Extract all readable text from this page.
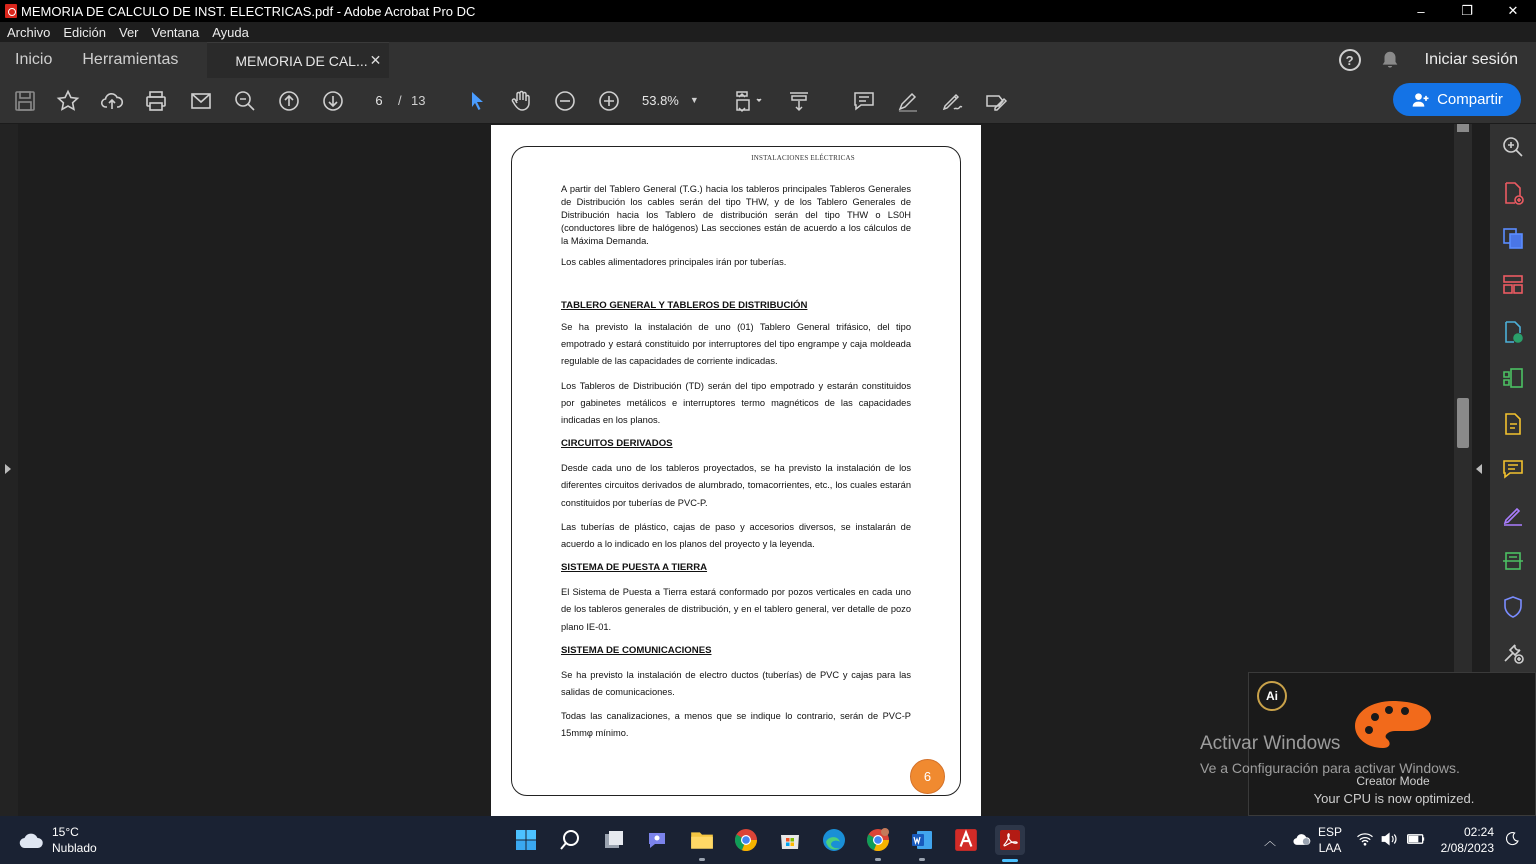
MEMORIA DE CALCULO DE INST. ELECTRICAS.pdf - Adobe Acrobat Pro DC	–	❐	✕
Archivo Edición Ver Ventana Ayuda
Inicio	Herramientas	MEMORIA DE CAL... ✕	?	Iniciar sesión
6	/ 13	53.8% ▼	Compartir
INSTALACIONES ELÉCTRICAS

A partir del Tablero General (T.G.) hacia los tableros principales Tableros Generales de Distribución los cables serán del tipo THW, y de los Tablero Generales de Distribución hacia los Tablero de distribución serán del tipo THW o LS0H (conductores libre de halógenos) Las secciones están de acuerdo a los cálculos de la Máxima Demanda.

Los cables alimentadores principales irán por tuberías.

TABLERO GENERAL Y TABLEROS DE DISTRIBUCIÓN

Se ha previsto la instalación de uno (01) Tablero General trifásico, del tipo empotrado y estará constituido por interruptores del tipo engrampe y caja moldeada regulable de las capacidades de corriente indicadas.

Los Tableros de Distribución (TD) serán del tipo empotrado y estarán constituidos por gabinetes metálicos e interruptores termo magnéticos de las capacidades indicadas en los planos.

CIRCUITOS DERIVADOS

Desde cada uno de los tableros proyectados, se ha previsto la instalación de los diferentes circuitos derivados de alumbrado, tomacorrientes, etc., los cuales estarán constituidos por tuberías de PVC-P.

Las tuberías de plástico, cajas de paso y accesorios diversos, se instalarán de acuerdo a lo indicado en los planos del proyecto y la leyenda.

SISTEMA DE PUESTA A TIERRA

El Sistema de Puesta a Tierra estará conformado por pozos verticales en cada uno de los tableros generales de distribución, y en el tablero general, ver detalle de pozo plano IE-01.

SISTEMA DE COMUNICACIONES

Se ha previsto la instalación de electro ductos (tuberías) de PVC y cajas para las salidas de comunicaciones.

Todas las canalizaciones, a menos que se indique lo contrario, serán de PVC-P 15mmφ mínimo.

6
Ai
Creator Mode
Your CPU is now optimized.
Activar Windows
Ve a Configuración para activar Windows.
15°C
Nublado	︿
ESP
LAA
02:24
2/08/2023
